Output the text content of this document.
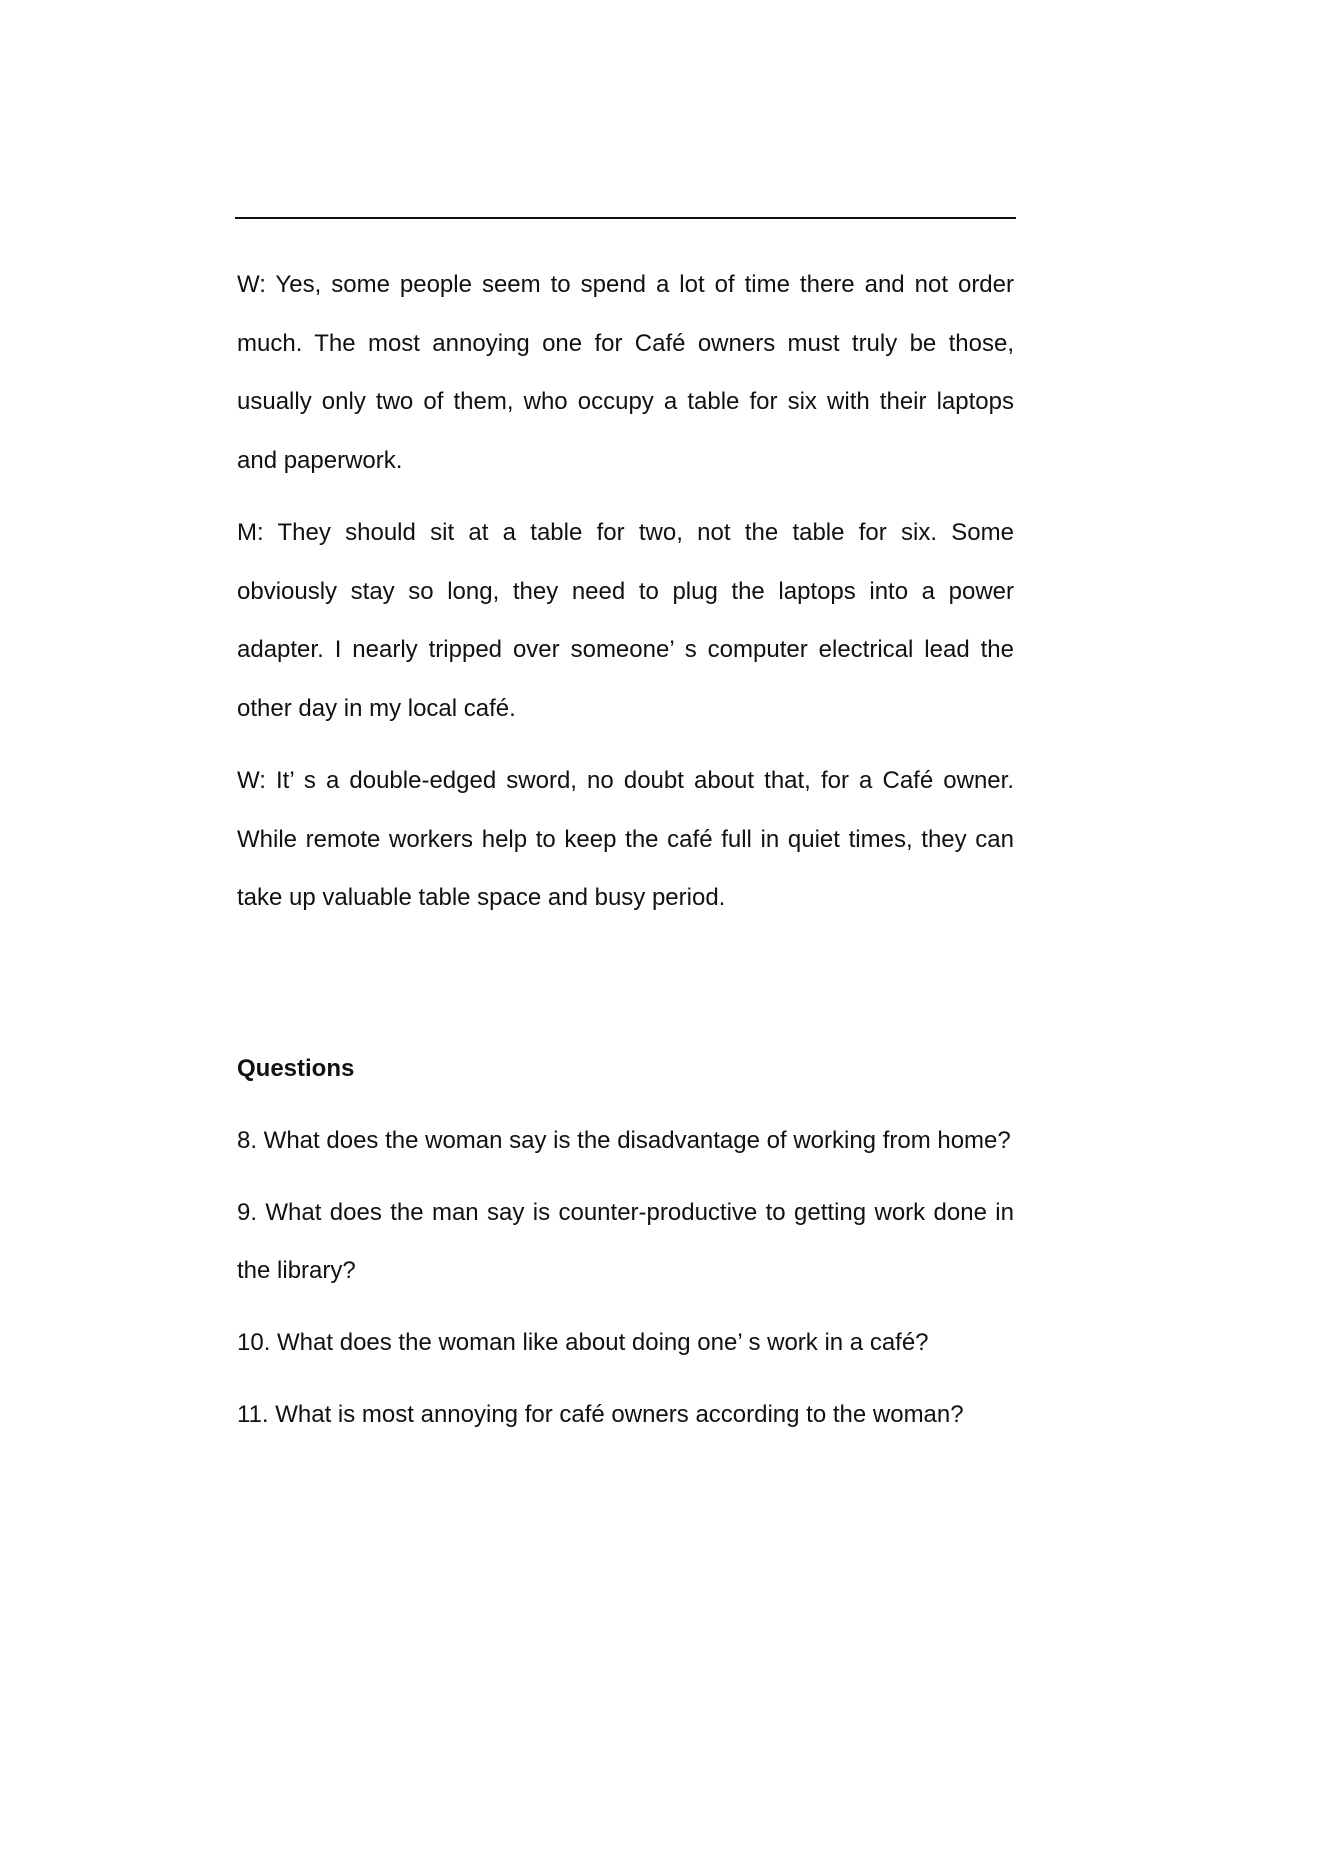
W: Yes, some people seem to spend a lot of time there and not order much. The most annoying one for Café owners must truly be those, usually only two of them, who occupy a table for six with their laptops and paperwork.

M: They should sit at a table for two, not the table for six. Some obviously stay so long, they need to plug the laptops into a power adapter. I nearly tripped over someone’ s computer electrical lead the other day in my local café.

W: It’ s a double-edged sword, no doubt about that, for a Café owner. While remote workers help to keep the café full in quiet times, they can take up valuable table space and busy period.

Questions

8. What does the woman say is the disadvantage of working from home?

9. What does the man say is counter-productive to getting work done in the library?

10. What does the woman like about doing one’ s work in a café?

11. What is most annoying for café owners according to the woman?
